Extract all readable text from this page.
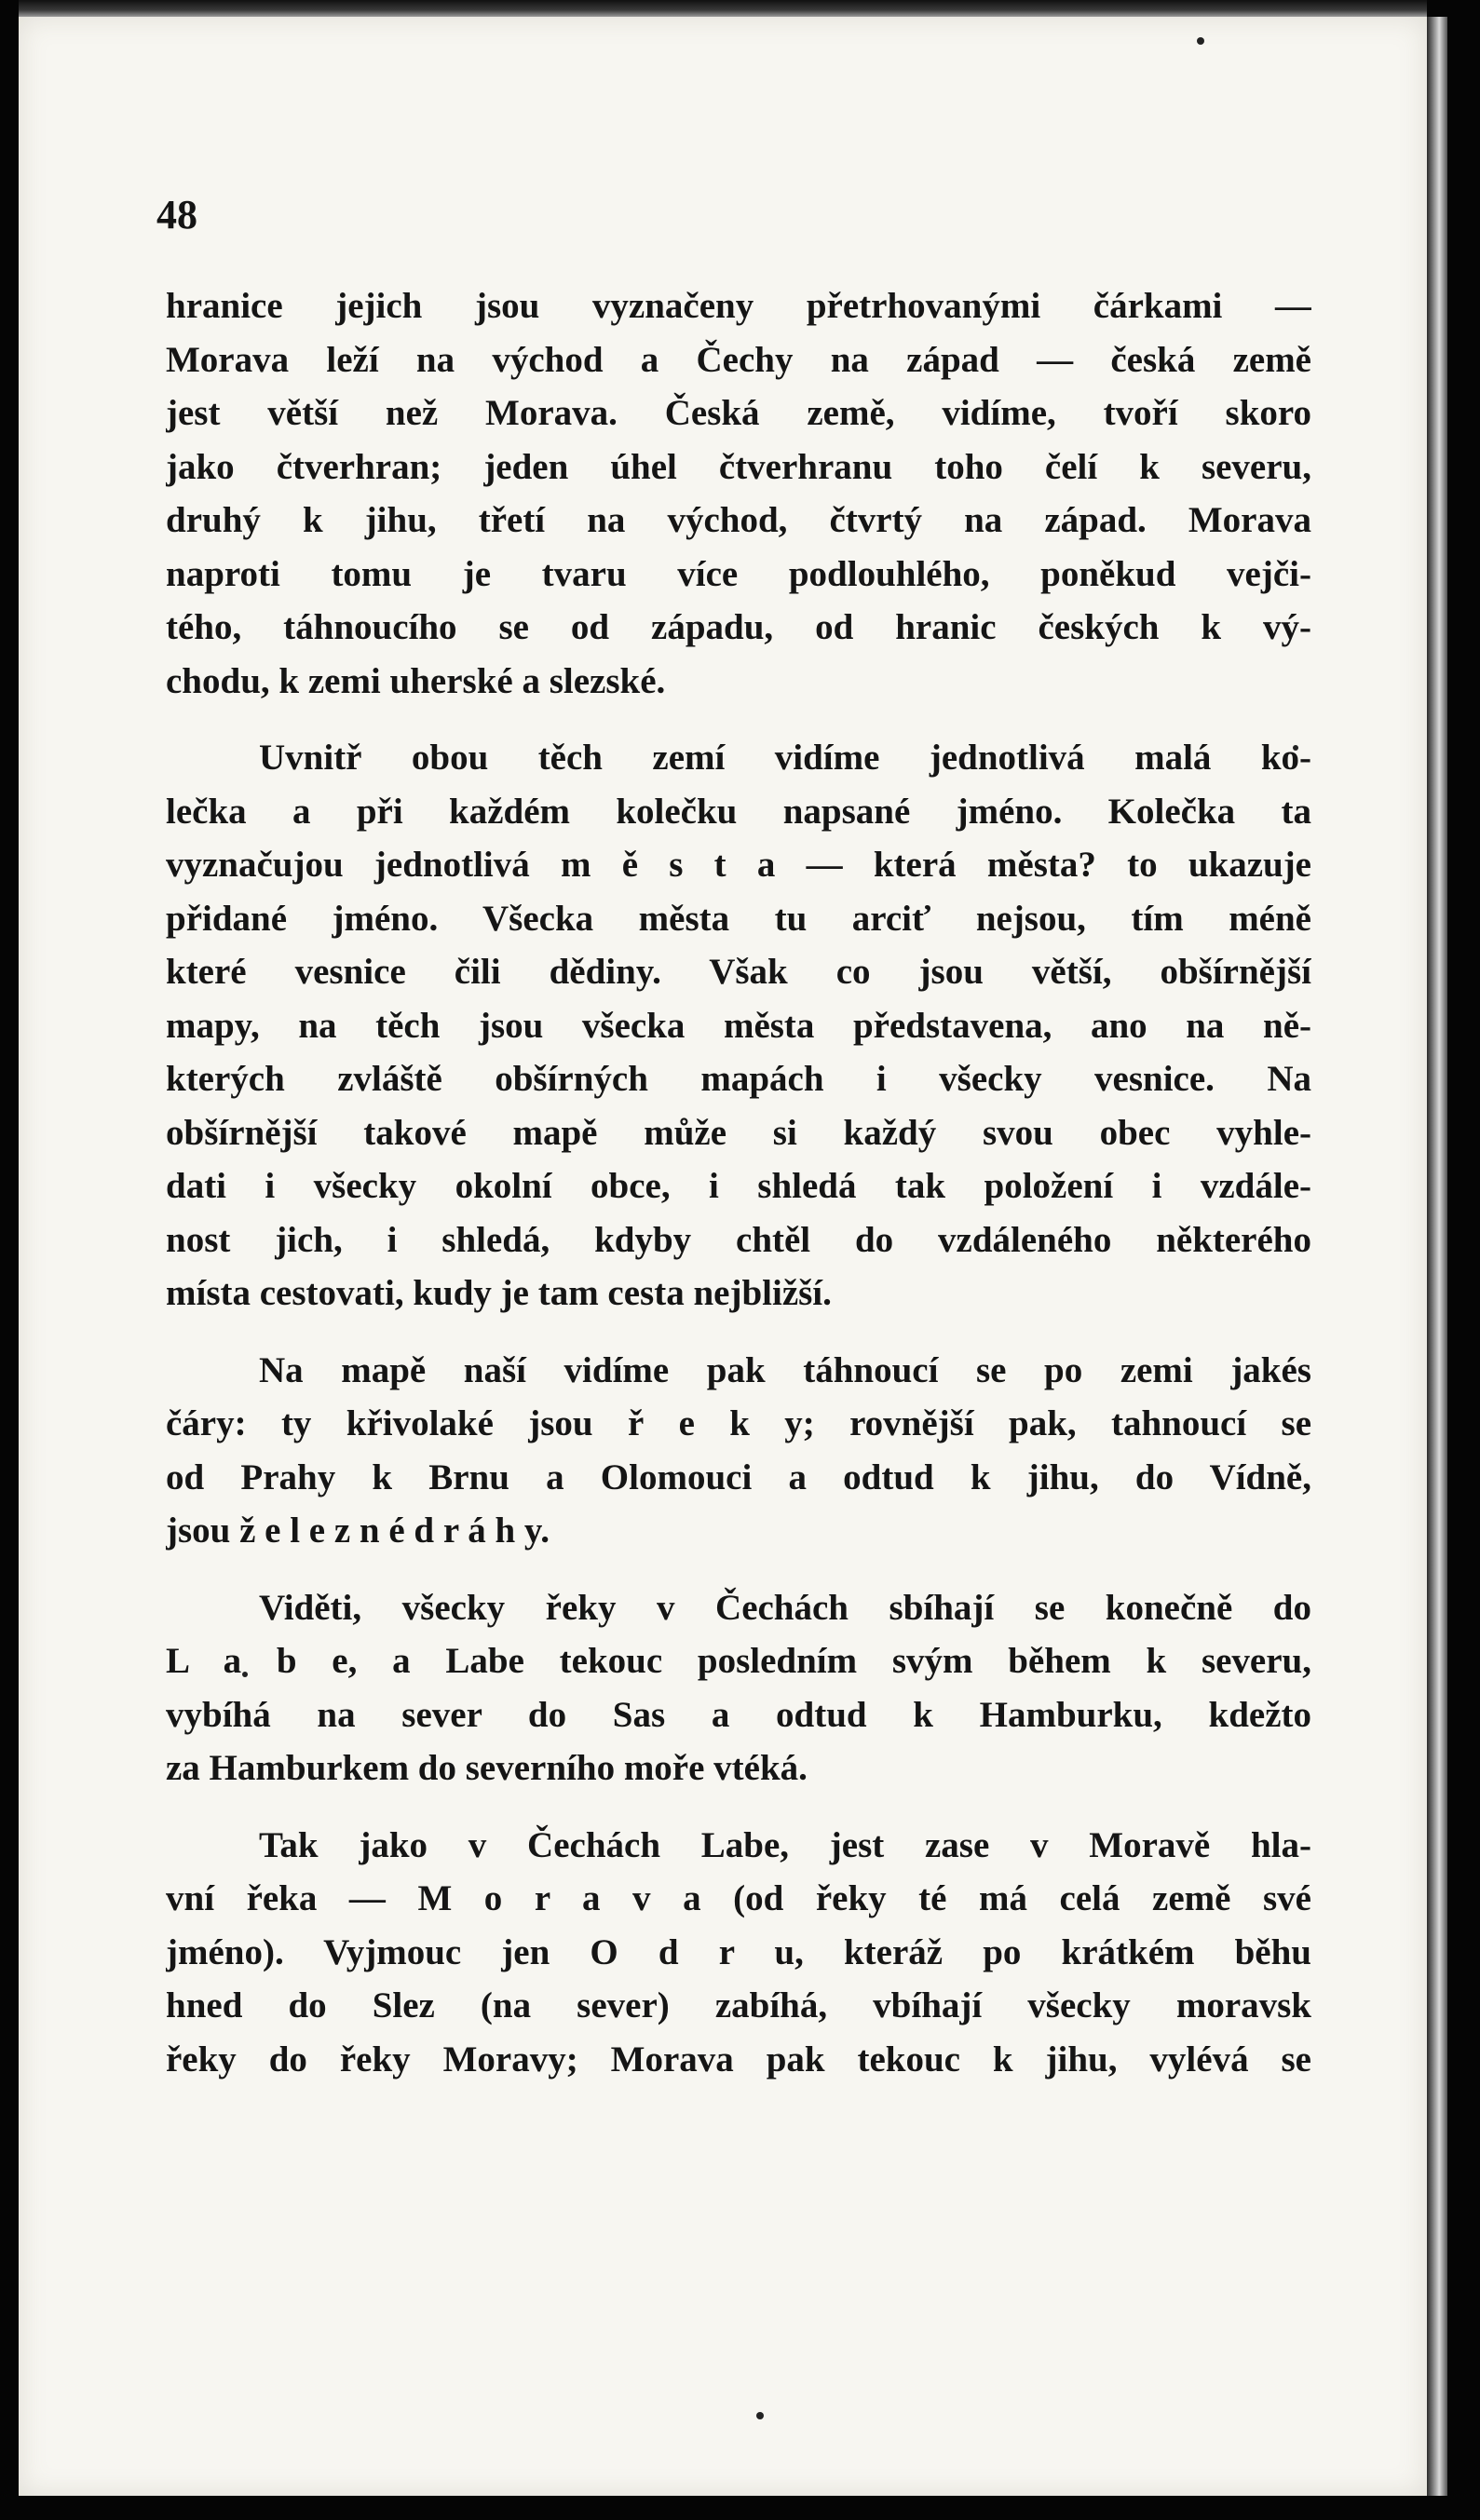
48

hranice jejich jsou vyznačeny přetrhovanými čárkami —
Morava leží na východ a Čechy na západ — česká země
jest větší než Morava. Česká země, vidíme, tvoří skoro
jako čtverhran; jeden úhel čtverhranu toho čelí k severu,
druhý k jihu, třetí na východ, čtvrtý na západ. Morava
naproti tomu je tvaru více podlouhlého, poněkud vejči-
tého, táhnoucího se od západu, od hranic českých k vý-
chodu, k zemi uherské a slezské.

Uvnitř obou těch zemí vidíme jednotlivá malá ko-
lečka a při každém kolečku napsané jméno. Kolečka ta
vyznačujou jednotlivá m ě s t a — která města? to ukazuje
přidané jméno. Všecka města tu arciť nejsou, tím méně
které vesnice čili dědiny. Však co jsou větší, obšírnější
mapy, na těch jsou všecka města představena, ano na ně-
kterých zvláště obšírných mapách i všecky vesnice. Na
obšírnější takové mapě může si každý svou obec vyhle-
dati i všecky okolní obce, i shledá tak položení i vzdále-
nost jich, i shledá, kdyby chtěl do vzdáleného některého
místa cestovati, kudy je tam cesta nejbližší.

Na mapě naší vidíme pak táhnoucí se po zemi jakés
čáry: ty křivolaké jsou ř e k y; rovnější pak, tahnoucí se
od Prahy k Brnu a Olomouci a odtud k jihu, do Vídně,
jsou ž e l e z n é d r á h y.

Viděti, všecky řeky v Čechách sbíhají se konečně do
L a b e, a Labe tekouc posledním svým během k severu,
vybíhá na sever do Sas a odtud k Hamburku, kdežto
za Hamburkem do severního moře vtéká.

Tak jako v Čechách Labe, jest zase v Moravě hla-
vní řeka — M o r a v a (od řeky té má celá země své
jméno). Vyjmouc jen O d r u, kteráž po krátkém běhu
hned do Slez (na sever) zabíhá, vbíhají všecky moravsk
řeky do řeky Moravy; Morava pak tekouc k jihu, vylévá se
